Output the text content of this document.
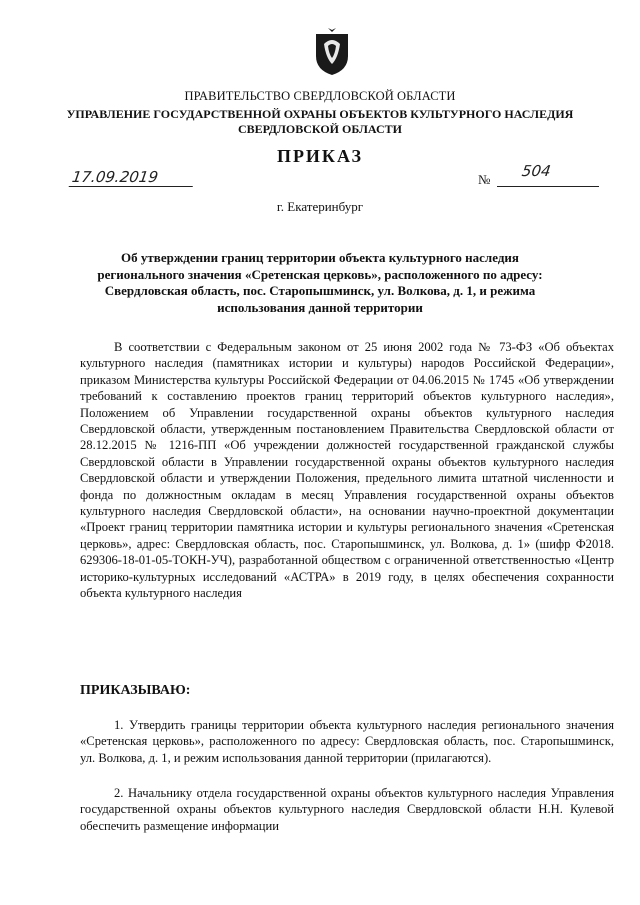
ПРАВИТЕЛЬСТВО СВЕРДЛОВСКОЙ ОБЛАСТИ
УПРАВЛЕНИЕ ГОСУДАРСТВЕННОЙ ОХРАНЫ ОБЪЕКТОВ КУЛЬТУРНОГО НАСЛЕДИЯ
СВЕРДЛОВСКОЙ ОБЛАСТИ
ПРИКАЗ
17.09.2019	№ 504
г. Екатеринбург
Об утверждении границ территории объекта культурного наследия
регионального значения «Сретенская церковь», расположенного по адресу:
Свердловская область, пос. Старопышминск, ул. Волкова, д. 1, и режима
использования данной территории
В соответствии с Федеральным законом от 25 июня 2002 года № 73-ФЗ «Об объектах культурного наследия (памятниках истории и культуры) народов Российской Федерации», приказом Министерства культуры Российской Федерации от 04.06.2015 № 1745 «Об утверждении требований к составлению проектов границ территорий объектов культурного наследия», Положением об Управлении государственной охраны объектов культурного наследия Свердловской области, утвержденным постановлением Правительства Свердловской области от 28.12.2015 № 1216-ПП «Об учреждении должностей государственной гражданской службы Свердловской области в Управлении государственной охраны объектов культурного наследия Свердловской области и утверждении Положения, предельного лимита штатной численности и фонда по должностным окладам в месяц Управления государственной охраны объектов культурного наследия Свердловской области», на основании научно-проектной документации «Проект границ территории памятника истории и культуры регионального значения «Сретенская церковь», адрес: Свердловская область, пос. Старопышминск, ул. Волкова, д. 1» (шифр Ф2018. 629306-18-01-05-ТОКН-УЧ), разработанной обществом с ограниченной ответственностью «Центр историко-культурных исследований «АСТРА» в 2019 году, в целях обеспечения сохранности объекта культурного наследия
ПРИКАЗЫВАЮ:
1. Утвердить границы территории объекта культурного наследия регионального значения «Сретенская церковь», расположенного по адресу: Свердловская область, пос. Старопышминск, ул. Волкова, д. 1, и режим использования данной территории (прилагаются).
2. Начальнику отдела государственной охраны объектов культурного наследия Управления государственной охраны объектов культурного наследия Свердловской области Н.Н. Кулевой обеспечить размещение информации
